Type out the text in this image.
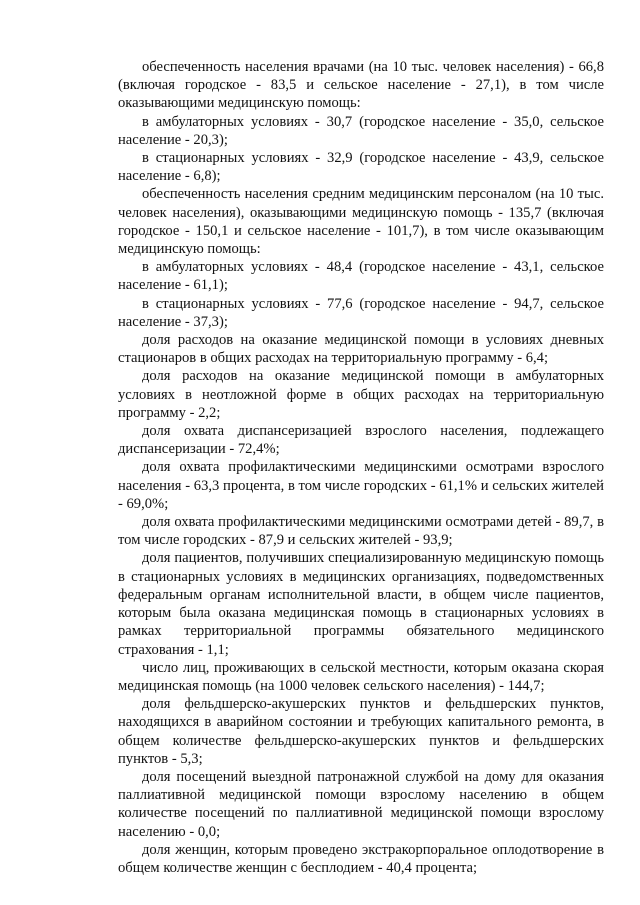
обеспеченность населения врачами (на 10 тыс. человек населения) - 66,8 (включая городское - 83,5 и сельское население - 27,1), в том числе оказывающими медицинскую помощь:

в амбулаторных условиях - 30,7 (городское население - 35,0, сельское население - 20,3);

в стационарных условиях - 32,9 (городское население - 43,9, сельское население - 6,8);

обеспеченность населения средним медицинским персоналом (на 10 тыс. человек населения), оказывающими медицинскую помощь - 135,7 (включая городское - 150,1 и сельское население - 101,7), в том числе оказывающим медицинскую помощь:

в амбулаторных условиях - 48,4 (городское население - 43,1, сельское население - 61,1);

в стационарных условиях - 77,6 (городское население - 94,7, сельское население - 37,3);

доля расходов на оказание медицинской помощи в условиях дневных стационаров в общих расходах на территориальную программу - 6,4;

доля расходов на оказание медицинской помощи в амбулаторных условиях в неотложной форме в общих расходах на территориальную программу - 2,2;

доля охвата диспансеризацией взрослого населения, подлежащего диспансеризации - 72,4%;

доля охвата профилактическими медицинскими осмотрами взрослого населения - 63,3 процента, в том числе городских - 61,1% и сельских жителей - 69,0%;

доля охвата профилактическими медицинскими осмотрами детей - 89,7, в том числе городских - 87,9 и сельских жителей - 93,9;

доля пациентов, получивших специализированную медицинскую помощь в стационарных условиях в медицинских организациях, подведомственных федеральным органам исполнительной власти, в общем числе пациентов, которым была оказана медицинская помощь в стационарных условиях в рамках территориальной программы обязательного медицинского страхования - 1,1;

число лиц, проживающих в сельской местности, которым оказана скорая медицинская помощь (на 1000 человек сельского населения) - 144,7;

доля фельдшерско-акушерских пунктов и фельдшерских пунктов, находящихся в аварийном состоянии и требующих капитального ремонта, в общем количестве фельдшерско-акушерских пунктов и фельдшерских пунктов - 5,3;

доля посещений выездной патронажной службой на дому для оказания паллиативной медицинской помощи взрослому населению в общем количестве посещений по паллиативной медицинской помощи взрослому населению - 0,0;

доля женщин, которым проведено экстракорпоральное оплодотворение в общем количестве женщин с бесплодием - 40,4 процента;
